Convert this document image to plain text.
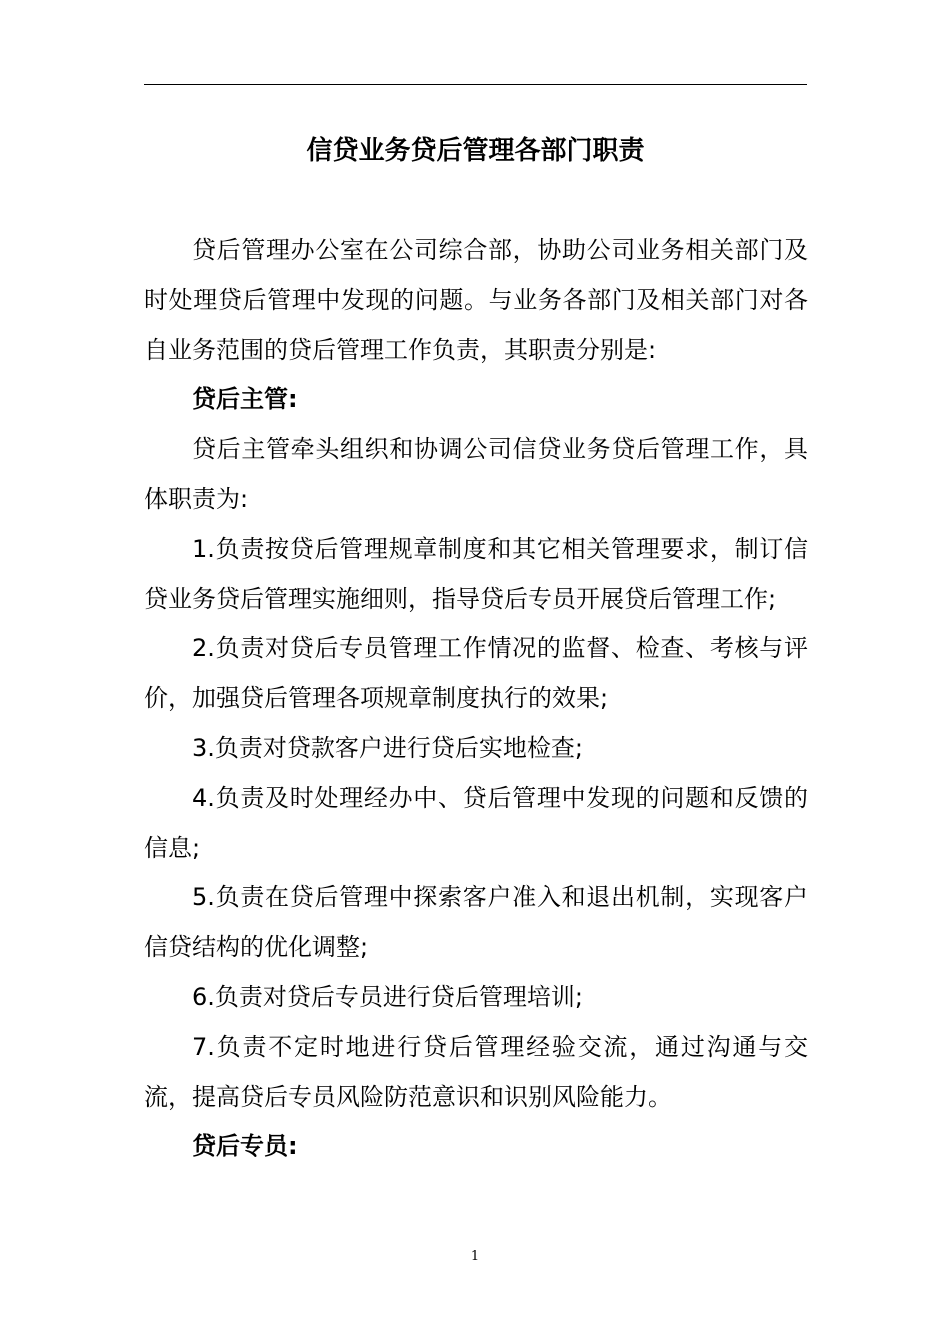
信贷业务贷后管理各部门职责

贷后管理办公室在公司综合部，协助公司业务相关部门及时处理贷后管理中发现的问题。与业务各部门及相关部门对各自业务范围的贷后管理工作负责，其职责分别是:

贷后主管:

贷后主管牵头组织和协调公司信贷业务贷后管理工作，具体职责为:

1.负责按贷后管理规章制度和其它相关管理要求，制订信贷业务贷后管理实施细则，指导贷后专员开展贷后管理工作;

2.负责对贷后专员管理工作情况的监督、检查、考核与评价，加强贷后管理各项规章制度执行的效果;

3.负责对贷款客户进行贷后实地检查;

4.负责及时处理经办中、贷后管理中发现的问题和反馈的信息;

5.负责在贷后管理中探索客户准入和退出机制，实现客户信贷结构的优化调整;

6.负责对贷后专员进行贷后管理培训;

7.负责不定时地进行贷后管理经验交流，通过沟通与交流，提高贷后专员风险防范意识和识别风险能力。

贷后专员:

1
